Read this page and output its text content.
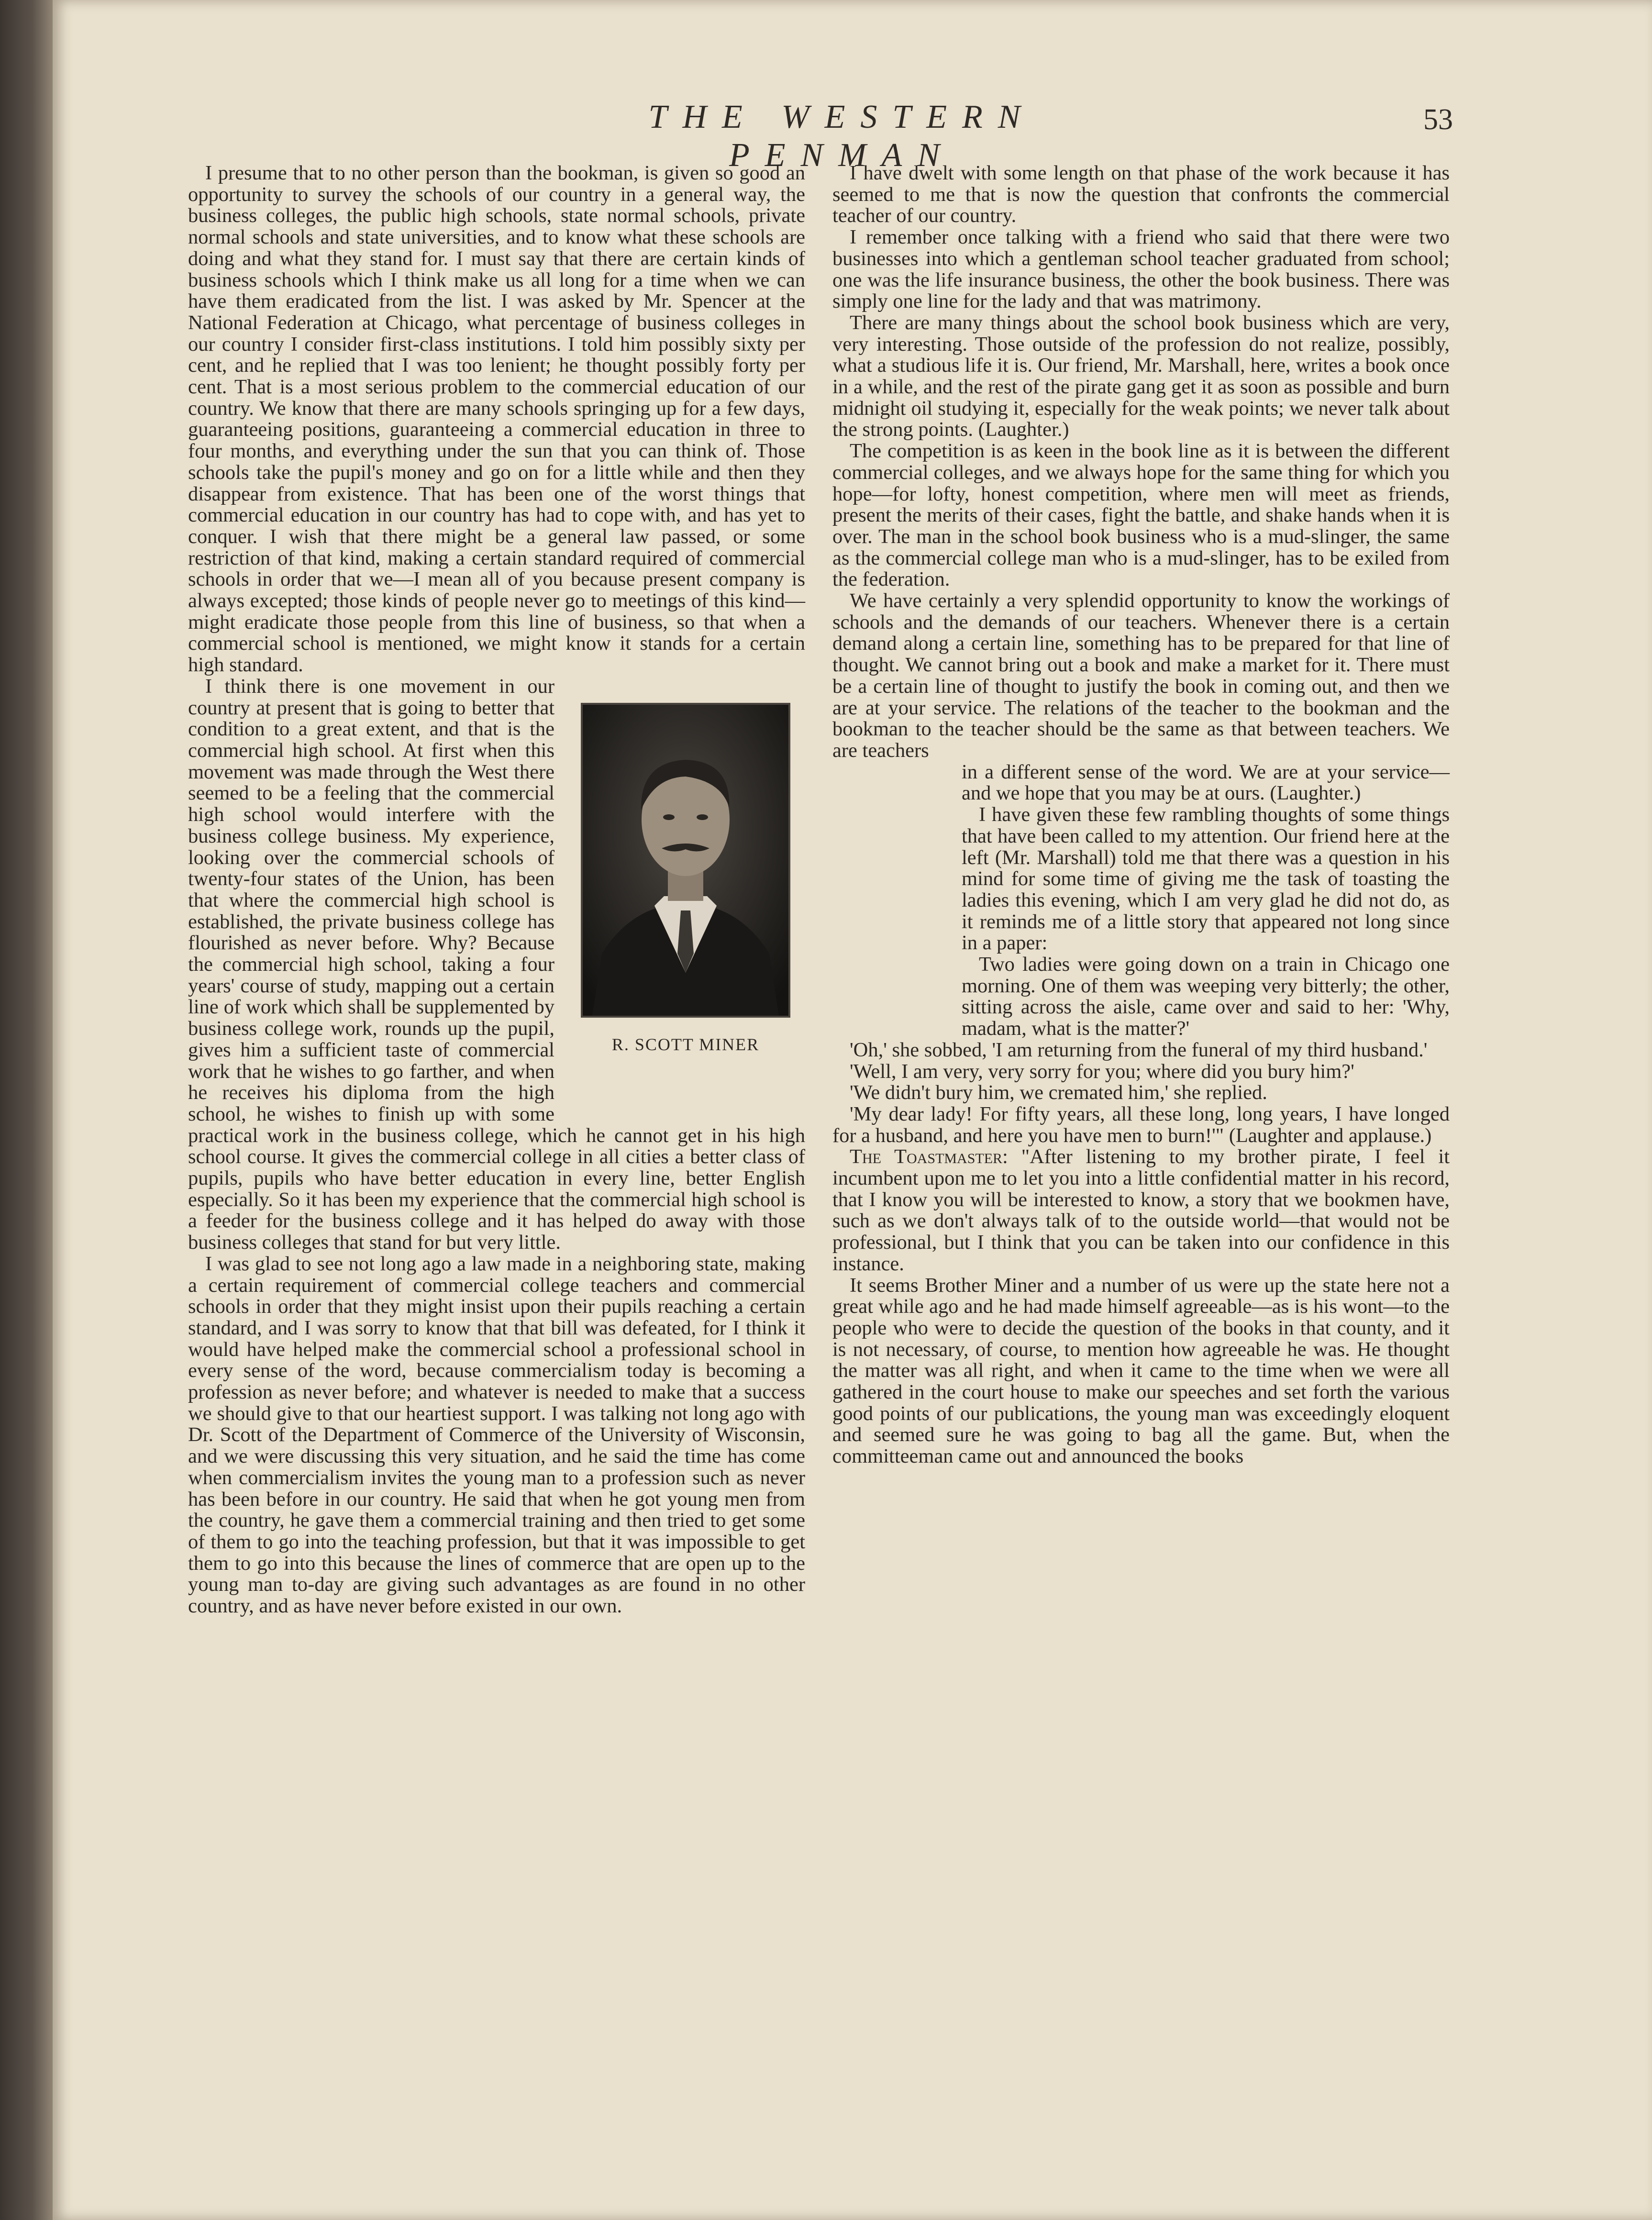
THE WESTERN PENMAN
53

I presume that to no other person than the bookman, is given so good an opportunity to survey the schools of our country in a general way, the business colleges, the public high schools, state normal schools, private normal schools and state universities, and to know what these schools are doing and what they stand for. I must say that there are certain kinds of business schools which I think make us all long for a time when we can have them eradicated from the list. I was asked by Mr. Spencer at the National Federation at Chicago, what percentage of business colleges in our country I consider first-class institutions. I told him possibly sixty per cent, and he replied that I was too lenient; he thought possibly forty per cent. That is a most serious problem to the commercial education of our country. We know that there are many schools springing up for a few days, guaranteeing positions, guaranteeing a commercial education in three to four months, and everything under the sun that you can think of. Those schools take the pupil's money and go on for a little while and then they disappear from existence. That has been one of the worst things that commercial education in our country has had to cope with, and has yet to conquer. I wish that there might be a general law passed, or some restriction of that kind, making a certain standard required of commercial schools in order that we—I mean all of you because present company is always excepted; those kinds of people never go to meetings of this kind—might eradicate those people from this line of business, so that when a commercial school is mentioned, we might know it stands for a certain high standard.

R. SCOTT MINER

I think there is one movement in our country at present that is going to better that condition to a great extent, and that is the commercial high school. At first when this movement was made through the West there seemed to be a feeling that the commercial high school would interfere with the business college business. My experience, looking over the commercial schools of twenty-four states of the Union, has been that where the commercial high school is established, the private business college has flourished as never before. Why? Because the commercial high school, taking a four years' course of study, mapping out a certain line of work which shall be supplemented by business college work, rounds up the pupil, gives him a sufficient taste of commercial work that he wishes to go farther, and when he receives his diploma from the high school, he wishes to finish up with some practical work in the business college, which he cannot get in his high school course. It gives the commercial college in all cities a better class of pupils, pupils who have better education in every line, better English especially. So it has been my experience that the commercial high school is a feeder for the business college and it has helped do away with those business colleges that stand for but very little.

I was glad to see not long ago a law made in a neighboring state, making a certain requirement of commercial college teachers and commercial schools in order that they might insist upon their pupils reaching a certain standard, and I was sorry to know that that bill was defeated, for I think it would have helped make the commercial school a professional school in every sense of the word, because commercialism today is becoming a profession as never before; and whatever is needed to make that a success we should give to that our heartiest support. I was talking not long ago with Dr. Scott of the Department of Commerce of the University of Wisconsin, and we were discussing this very situation, and he said the time has come when commercialism invites the young man to a profession such as never has been before in our country. He said that when he got young men from the country, he gave them a commercial training and then tried to get some of them to go into the teaching profession, but that it was impossible to get them to go into this because the lines of commerce that are open up to the young man to-day are giving such advantages as are found in no other country, and as have never before existed in our own.

I have dwelt with some length on that phase of the work because it has seemed to me that is now the question that confronts the commercial teacher of our country.

I remember once talking with a friend who said that there were two businesses into which a gentleman school teacher graduated from school; one was the life insurance business, the other the book business. There was simply one line for the lady and that was matrimony.

There are many things about the school book business which are very, very interesting. Those outside of the profession do not realize, possibly, what a studious life it is. Our friend, Mr. Marshall, here, writes a book once in a while, and the rest of the pirate gang get it as soon as possible and burn midnight oil studying it, especially for the weak points; we never talk about the strong points. (Laughter.)

The competition is as keen in the book line as it is between the different commercial colleges, and we always hope for the same thing for which you hope—for lofty, honest competition, where men will meet as friends, present the merits of their cases, fight the battle, and shake hands when it is over. The man in the school book business who is a mud-slinger, the same as the commercial college man who is a mud-slinger, has to be exiled from the federation.

We have certainly a very splendid opportunity to know the workings of schools and the demands of our teachers. Whenever there is a certain demand along a certain line, something has to be prepared for that line of thought. We cannot bring out a book and make a market for it. There must be a certain line of thought to justify the book in coming out, and then we are at your service. The relations of the teacher to the bookman and the bookman to the teacher should be the same as that between teachers. We are teachers

in a different sense of the word. We are at your service—and we hope that you may be at ours. (Laughter.)

I have given these few rambling thoughts of some things that have been called to my attention. Our friend here at the left (Mr. Marshall) told me that there was a question in his mind for some time of giving me the task of toasting the ladies this evening, which I am very glad he did not do, as it reminds me of a little story that appeared not long since in a paper:

Two ladies were going down on a train in Chicago one morning. One of them was weeping very bitterly; the other, sitting across the aisle, came over and said to her: 'Why, madam, what is the matter?'

'Oh,' she sobbed, 'I am returning from the funeral of my third husband.'

'Well, I am very, very sorry for you; where did you bury him?'

'We didn't bury him, we cremated him,' she replied.

'My dear lady! For fifty years, all these long, long years, I have longed for a husband, and here you have men to burn!'" (Laughter and applause.)

The Toastmaster: "After listening to my brother pirate, I feel it incumbent upon me to let you into a little confidential matter in his record, that I know you will be interested to know, a story that we bookmen have, such as we don't always talk of to the outside world—that would not be professional, but I think that you can be taken into our confidence in this instance.

It seems Brother Miner and a number of us were up the state here not a great while ago and he had made himself agreeable—as is his wont—to the people who were to decide the question of the books in that county, and it is not necessary, of course, to mention how agreeable he was. He thought the matter was all right, and when it came to the time when we were all gathered in the court house to make our speeches and set forth the various good points of our publications, the young man was exceedingly eloquent and seemed sure he was going to bag all the game. But, when the committeeman came out and announced the books
